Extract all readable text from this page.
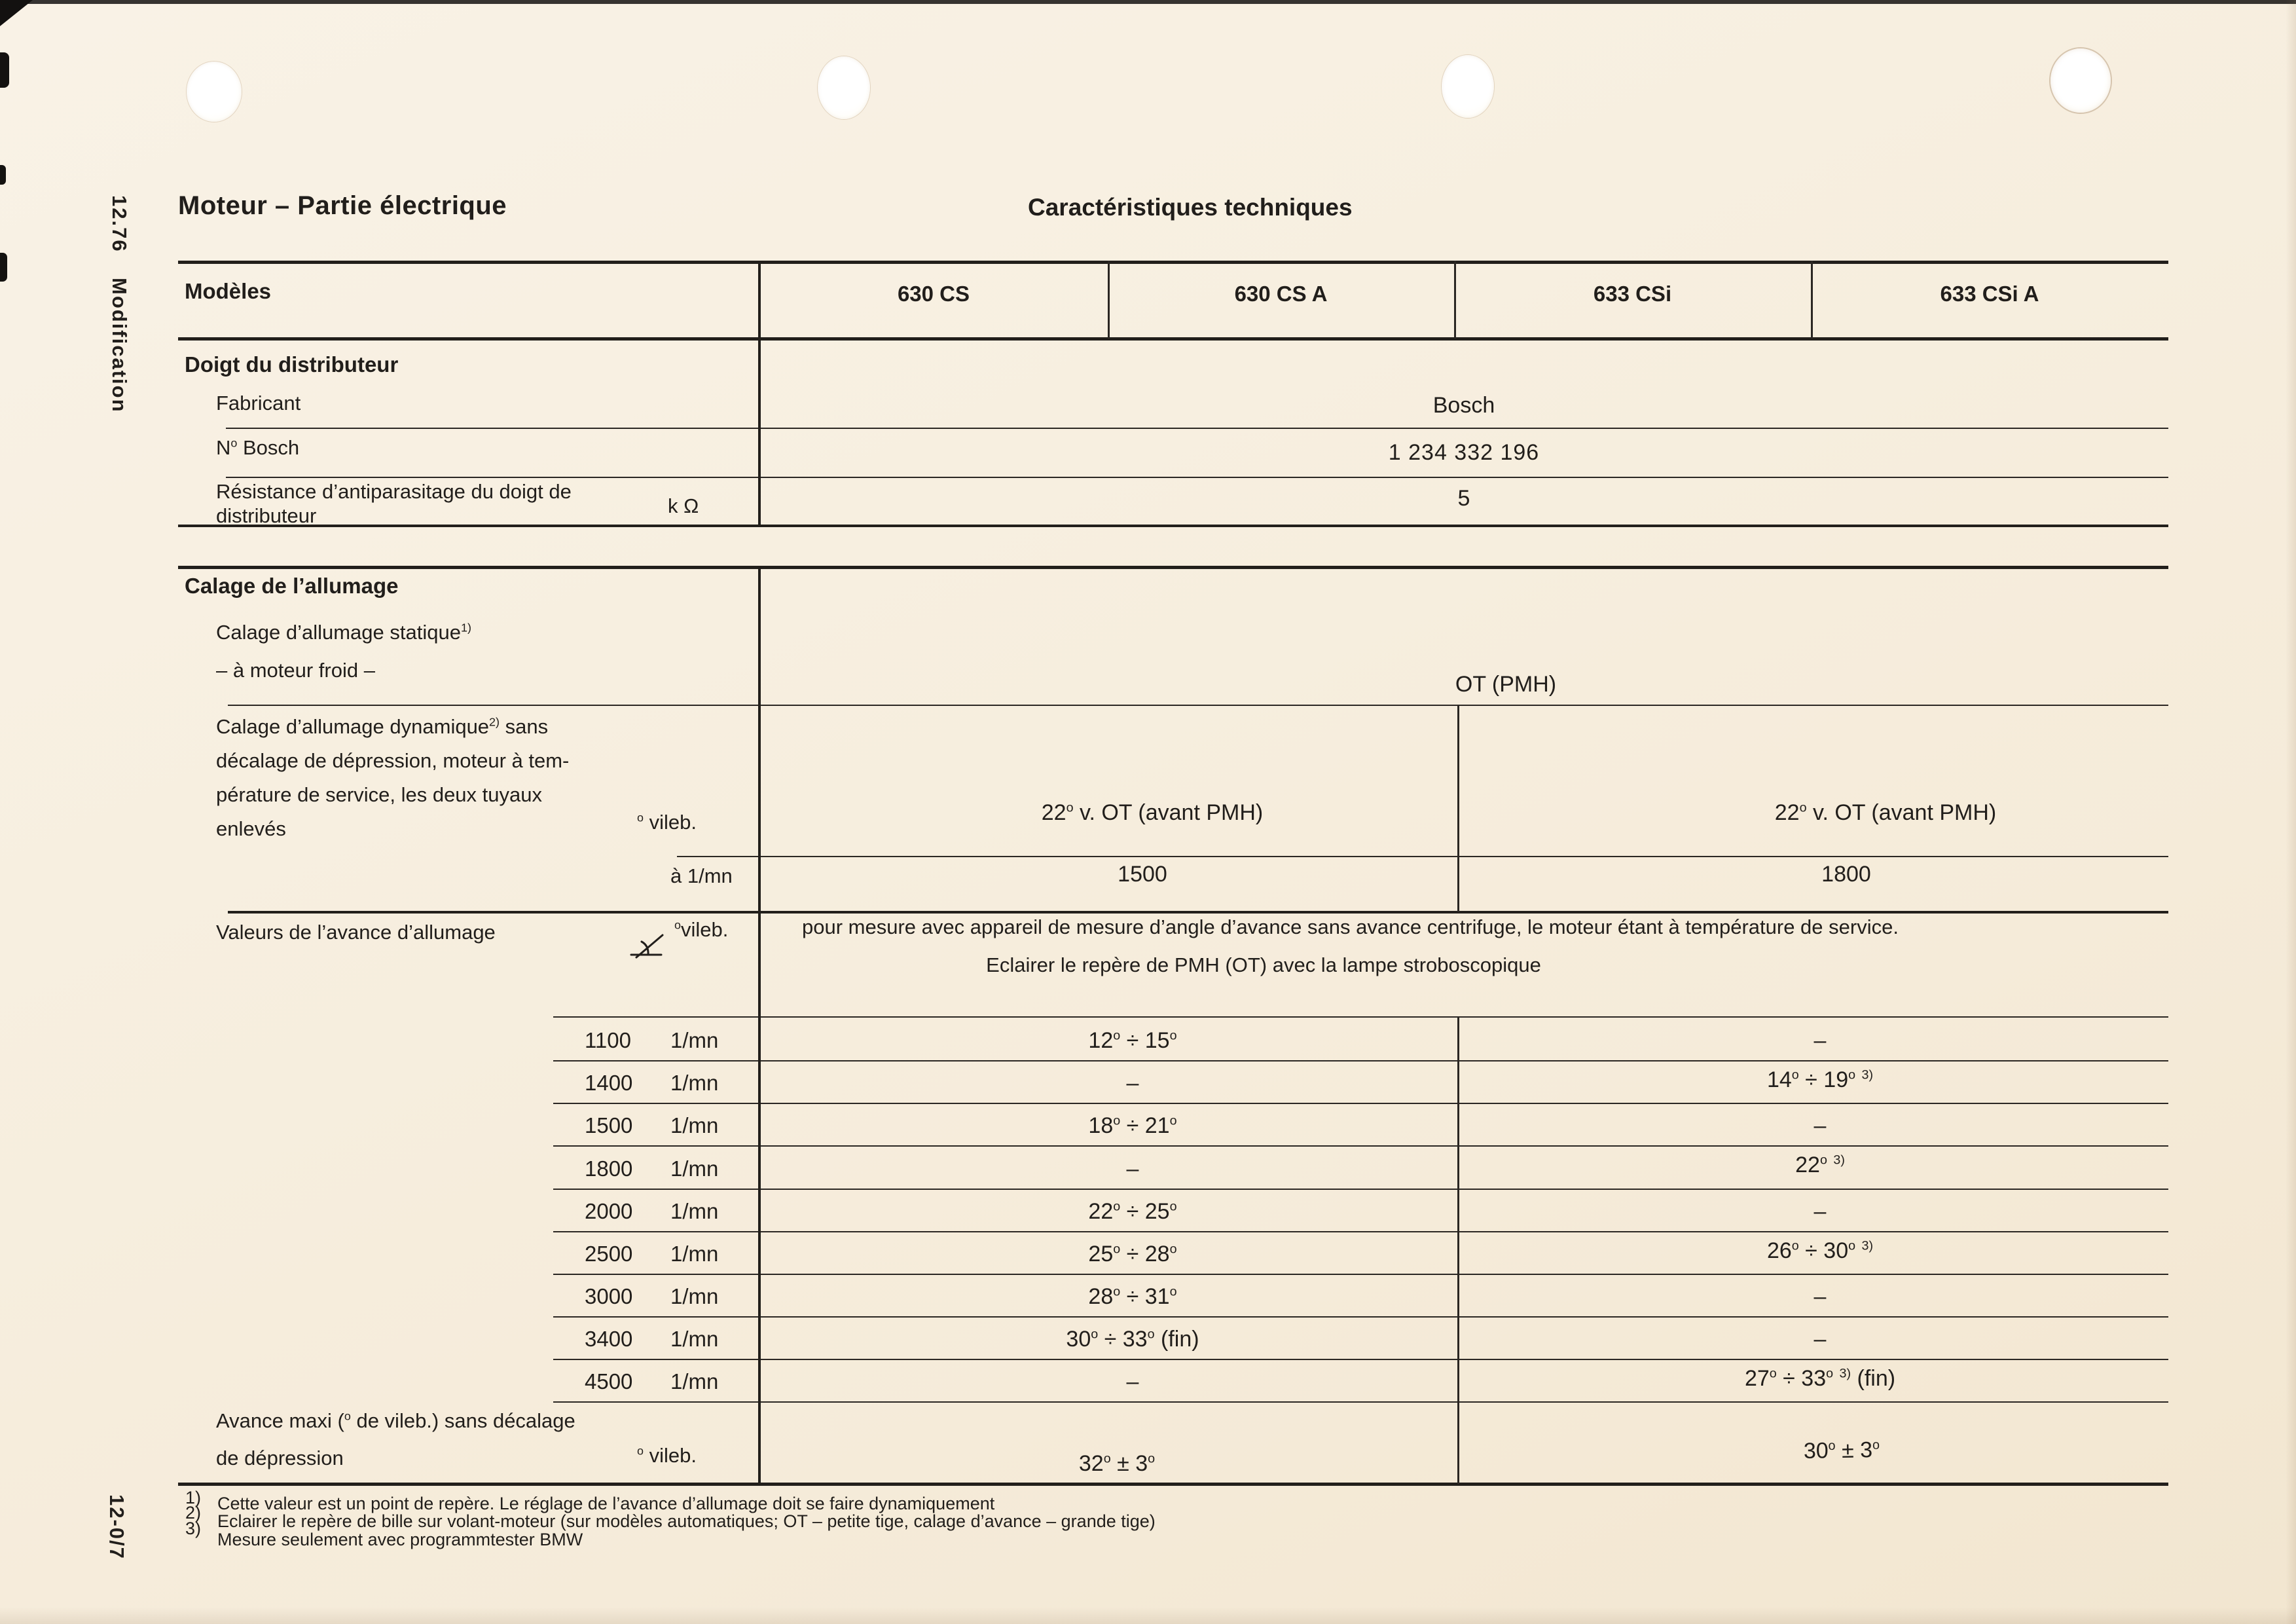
12.76
Modification
12-0/7
Moteur – Partie électrique	Caractéristiques techniques
Modèles	630 CS	630 CS A	633 CSi	633 CSi A
Doigt du distributeur
Fabricant	Bosch
$N^o$ Bosch	1 234 332 196
Résistance d’antiparasitage du doigt de
distributeur	k Ω	5
Calage de l’allumage
Calage d’allumage statique$^{1)}$
– à moteur froid –
OT (PMH)
Calage d’allumage dynamique$^{2)}$ sans
décalage de dépression, moteur à tem-
pérature de service, les deux tuyaux
enlevés	$^o$ vileb.	22$^o$ v. OT (avant PMH)	22$^o$ v. OT (avant PMH)
à 1/mn	1500	1800
Valeurs de l’avance d’allumage	$^o$vileb.	pour mesure avec appareil de mesure d’angle d’avance sans avance centrifuge, le moteur étant à température de service.
Eclairer le repère de PMH (OT) avec la lampe stroboscopique
1100 1/mn	$12^o \div 15^o$	–
1400 1/mn	–	$14^o \div 19^o$ $^{3)}$
1500 1/mn	$18^o \div 21^o$	–
1800 1/mn	–	22$^o$ $^{3)}$
2000 1/mn	$22^o \div 25^o$	–
2500 1/mn	$25^o \div 28^o$	$26^o \div 30^o$ $^{3)}$
3000 1/mn	$28^o \div 31^o$	–
3400 1/mn	$30^o \div 33^o$ (fin)	–
4500 1/mn	–	$27^o \div 33^o$ $^{3)}$ (fin)
Avance maxi ($^o$ de vileb.) sans décalage
de dépression	$^o$ vileb.	$32^o \pm 3^o$	$30^o \pm 3^o$
1)
2)
3)
Cette valeur est un point de repère. Le réglage de l’avance d’allumage doit se faire dynamiquement
Eclairer le repère de bille sur volant-moteur (sur modèles automatiques; OT – petite tige, calage d’avance – grande tige)
Mesure seulement avec programmtester BMW
